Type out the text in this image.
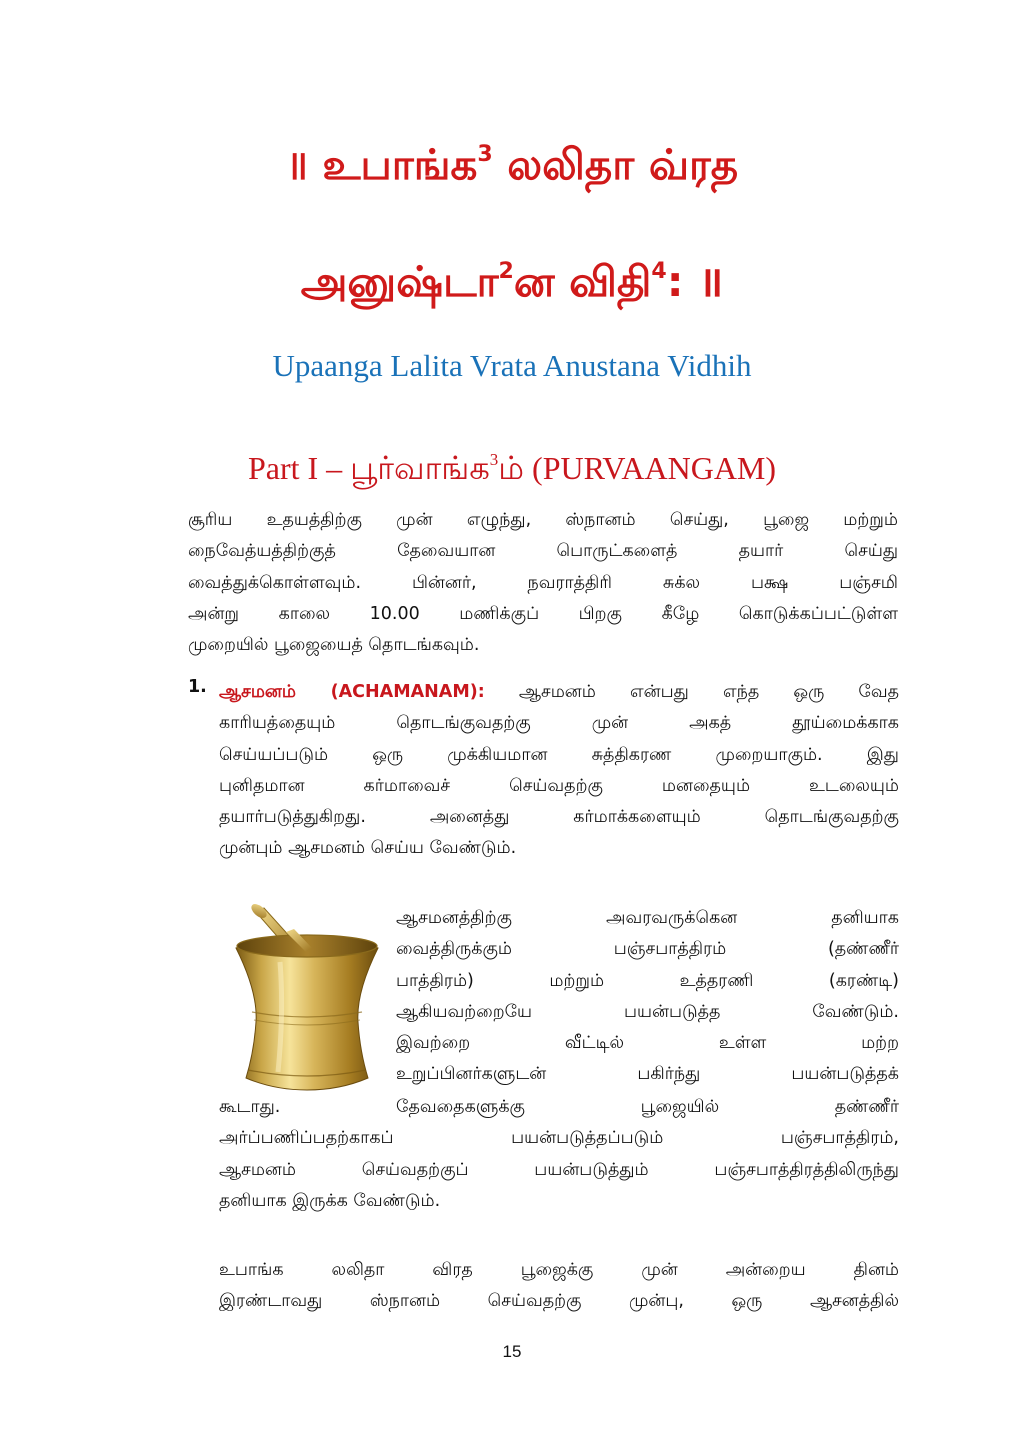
॥ உபாங்க$^3$ லலிதா வ்ரத
அனுஷ்டா$^2$ன விதி$^4$: ॥
Upaanga Lalita Vrata Anustana Vidhih
Part I – பூர்வாங்க$^3$ம் (PURVAANGAM)
சூரிய உதயத்திற்கு முன் எழுந்து, ஸ்நானம் செய்து, பூஜை மற்றும்
நைவேத்யத்திற்குத் தேவையான பொருட்களைத் தயார் செய்து
வைத்துக்கொள்ளவும். பின்னர், நவராத்திரி சுக்ல பக்ஷ பஞ்சமி
அன்று காலை 10.00 மணிக்குப் பிறகு கீழே கொடுக்கப்பட்டுள்ள
முறையில் பூஜையைத் தொடங்கவும்.
1. ஆசமனம் (ACHAMANAM): ஆசமனம் என்பது எந்த ஒரு வேத
காரியத்தையும் தொடங்குவதற்கு முன் அகத் தூய்மைக்காக
செய்யப்படும் ஒரு முக்கியமான சுத்திகரண முறையாகும். இது
புனிதமான கர்மாவைச் செய்வதற்கு மனதையும் உடலையும்
தயார்படுத்துகிறது. அனைத்து கர்மாக்களையும் தொடங்குவதற்கு
முன்பும் ஆசமனம் செய்ய வேண்டும்.
ஆசமனத்திற்கு அவரவருக்கென தனியாக
வைத்திருக்கும் பஞ்சபாத்திரம் (தண்ணீர்
பாத்திரம்) மற்றும் உத்தரணி (கரண்டி)
ஆகியவற்றையே பயன்படுத்த வேண்டும்.
இவற்றை வீட்டில் உள்ள மற்ற
உறுப்பினர்களுடன் பகிர்ந்து பயன்படுத்தக்
கூடாது. தேவதைகளுக்கு பூஜையில் தண்ணீர்
அர்ப்பணிப்பதற்காகப் பயன்படுத்தப்படும் பஞ்சபாத்திரம்,
ஆசமனம் செய்வதற்குப் பயன்படுத்தும் பஞ்சபாத்திரத்திலிருந்து
தனியாக இருக்க வேண்டும்.
உபாங்க லலிதா விரத பூஜைக்கு முன் அன்றைய தினம்
இரண்டாவது ஸ்நானம் செய்வதற்கு முன்பு, ஒரு ஆசனத்தில்
15
